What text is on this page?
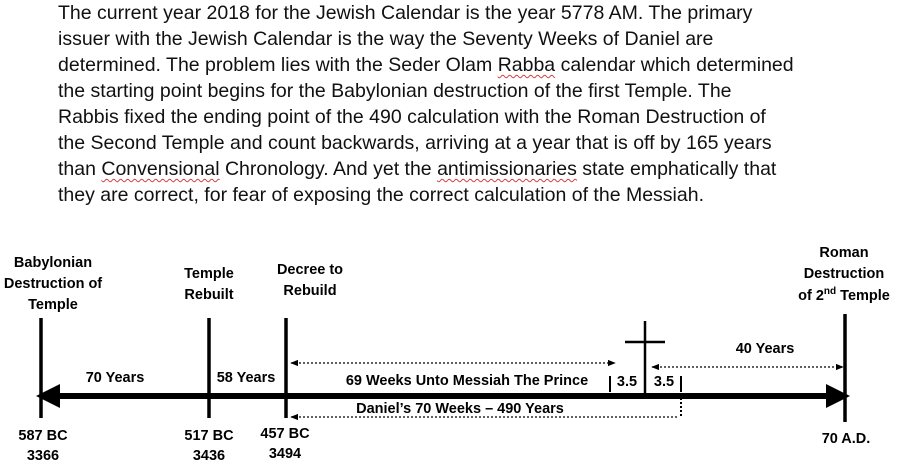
The current year 2018 for the Jewish Calendar is the year 5778 AM. The primary
issuer with the Jewish Calendar is the way the Seventy Weeks of Daniel are
determined. The problem lies with the Seder Olam Rabba calendar which determined
the starting point begins for the Babylonian destruction of the first Temple. The
Rabbis fixed the ending point of the 490 calculation with the Roman Destruction of
the Second Temple and count backwards, arriving at a year that is off by 165 years
than Convensional Chronology. And yet the antimissionaries state emphatically that
they are correct, for fear of exposing the correct calculation of the Messiah.
Babylonian
Destruction of
Temple
Temple
Rebuilt
Decree to
Rebuild
Roman
Destruction
of 2nd Temple
70 Years	58 Years	69 Weeks Unto Messiah The Prince 3.5 3.5
40 Years
Daniel’s 70 Weeks – 490 Years
587 BC
3366
517 BC
3436
457 BC
3494
70 A.D.
